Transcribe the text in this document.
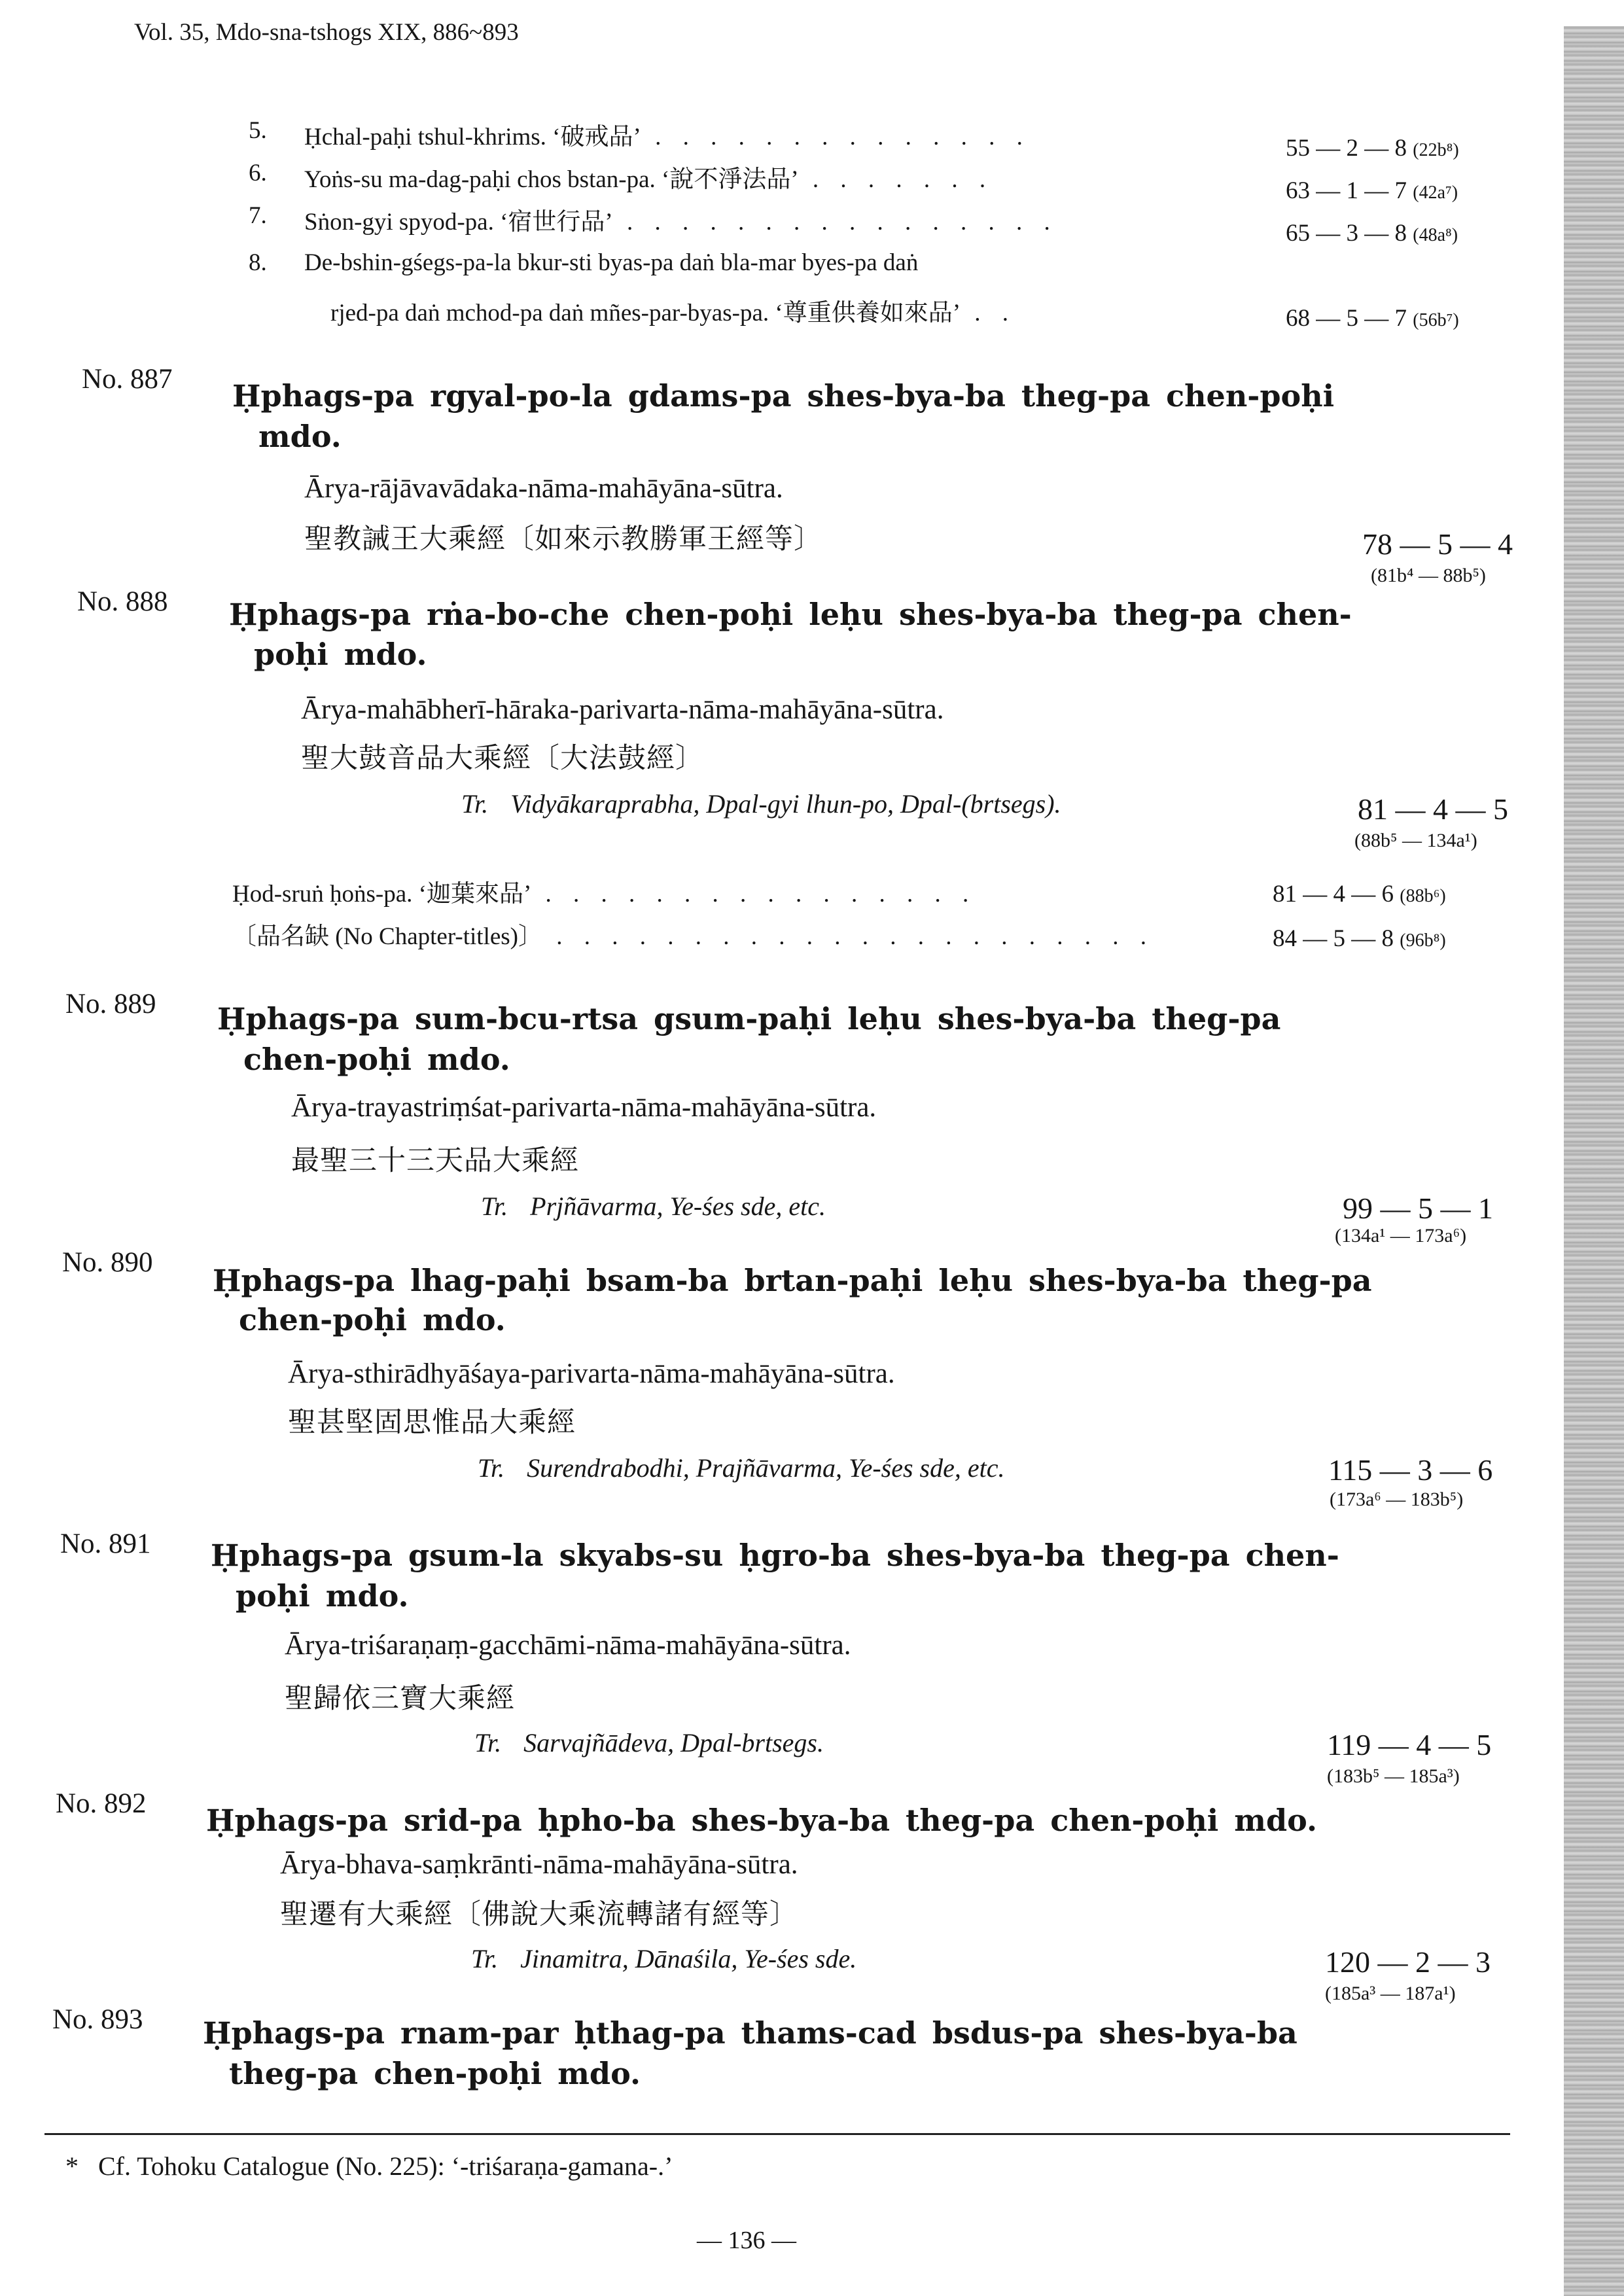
Vol. 35, Mdo-sna-tshogs XIX, 886~893

5. Ḥchal-paḥi tshul-khrims. ‘破戒品’ . . . . . . . . . . . . . .	55 — 2 — 8 (22b⁸)

6. Yoṅs-su ma-dag-paḥi chos bstan-pa. ‘說不淨法品’ . . . . . . .	63 — 1 — 7 (42a⁷)

7. Sṅon-gyi spyod-pa. ‘宿世行品’ . . . . . . . . . . . . . . . .	65 — 3 — 8 (48a⁸)

8. De-bshin-gśegs-pa-la bkur-sti byas-pa daṅ bla-mar byes-pa daṅ

rjed-pa daṅ mchod-pa daṅ mñes-par-byas-pa. ‘尊重供養如來品’ . .	68 — 5 — 7 (56b⁷)

No. 887 Ḥphags-pa rgyal-po-la gdams-pa shes-bya-ba theg-pa chen-poḥi

mdo.

Ārya-rājāvavādaka-nāma-mahāyāna-sūtra.

聖教誡王大乘經〔如來示教勝軍王經等〕	78 — 5 — 4

(81b⁴ — 88b⁵)

No. 888 Ḥphags-pa rṅa-bo-che chen-poḥi leḥu shes-bya-ba theg-pa chen-

poḥi mdo.

Ārya-mahābherī-hāraka-parivarta-nāma-mahāyāna-sūtra.

聖大鼓音品大乘經〔大法鼓經〕

Tr. Vidyākaraprabha, Dpal-gyi lhun-po, Dpal-(brtsegs).	81 — 4 — 5

(88b⁵ — 134a¹)

Ḥod-sruṅ ḥoṅs-pa. ‘迦葉來品’ . . . . . . . . . . . . . . . .	81 — 4 — 6 (88b⁶)

〔品名缺 (No Chapter-titles)〕 . . . . . . . . . . . . . . . . . . . . . .	84 — 5 — 8 (96b⁸)

No. 889 Ḥphags-pa sum-bcu-rtsa gsum-paḥi leḥu shes-bya-ba theg-pa

chen-poḥi mdo.

Ārya-trayastriṃśat-parivarta-nāma-mahāyāna-sūtra.

最聖三十三天品大乘經

Tr. Prjñāvarma, Ye-śes sde, etc.	99 — 5 — 1

(134a¹ — 173a⁶)

No. 890

Ḥphags-pa lhag-paḥi bsam-ba brtan-paḥi leḥu shes-bya-ba theg-pa

chen-poḥi mdo.

Ārya-sthirādhyāśaya-parivarta-nāma-mahāyāna-sūtra.

聖甚堅固思惟品大乘經

Tr. Surendrabodhi, Prajñāvarma, Ye-śes sde, etc.	115 — 3 — 6

(173a⁶ — 183b⁵)

No. 891 Ḥphags-pa gsum-la skyabs-su ḥgro-ba shes-bya-ba theg-pa chen-

poḥi mdo.

Ārya-triśaraṇaṃ-gacchāmi-nāma-mahāyāna-sūtra.

聖歸依三寶大乘經

Tr. Sarvajñādeva, Dpal-brtsegs.	119 — 4 — 5

(183b⁵ — 185a³)

No. 892 Ḥphags-pa srid-pa ḥpho-ba shes-bya-ba theg-pa chen-poḥi mdo.

Ārya-bhava-saṃkrānti-nāma-mahāyāna-sūtra.

聖遷有大乘經〔佛說大乘流轉諸有經等〕

Tr. Jinamitra, Dānaśila, Ye-śes sde.	120 — 2 — 3

(185a³ — 187a¹)

No. 893 Ḥphags-pa rnam-par ḥthag-pa thams-cad bsdus-pa shes-bya-ba

theg-pa chen-poḥi mdo.

* Cf. Tohoku Catalogue (No. 225): ‘-triśaraṇa-gamana-.’

— 136 —
